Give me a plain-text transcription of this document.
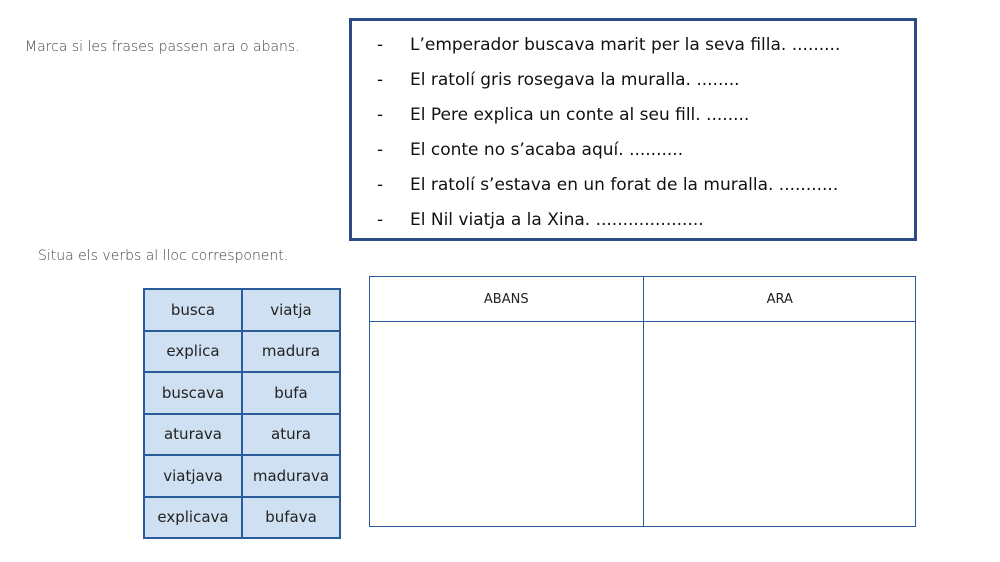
Marca si les frases passen ara o abans.
Situa els verbs al lloc corresponent.
- L’emperador buscava marit per la seva filla. .........
- El ratolí gris rosegava la muralla. ........
- El Pere explica un conte al seu fill. ........
- El conte no s’acaba aquí. ..........
- El ratolí s’estava en un forat de la muralla. ...........
- El Nil viatja a la Xina. ....................
busca	viatja
explica	madura
buscava	bufa
aturava	atura
viatjava	madurava
explicava	bufava
ABANS	ARA
